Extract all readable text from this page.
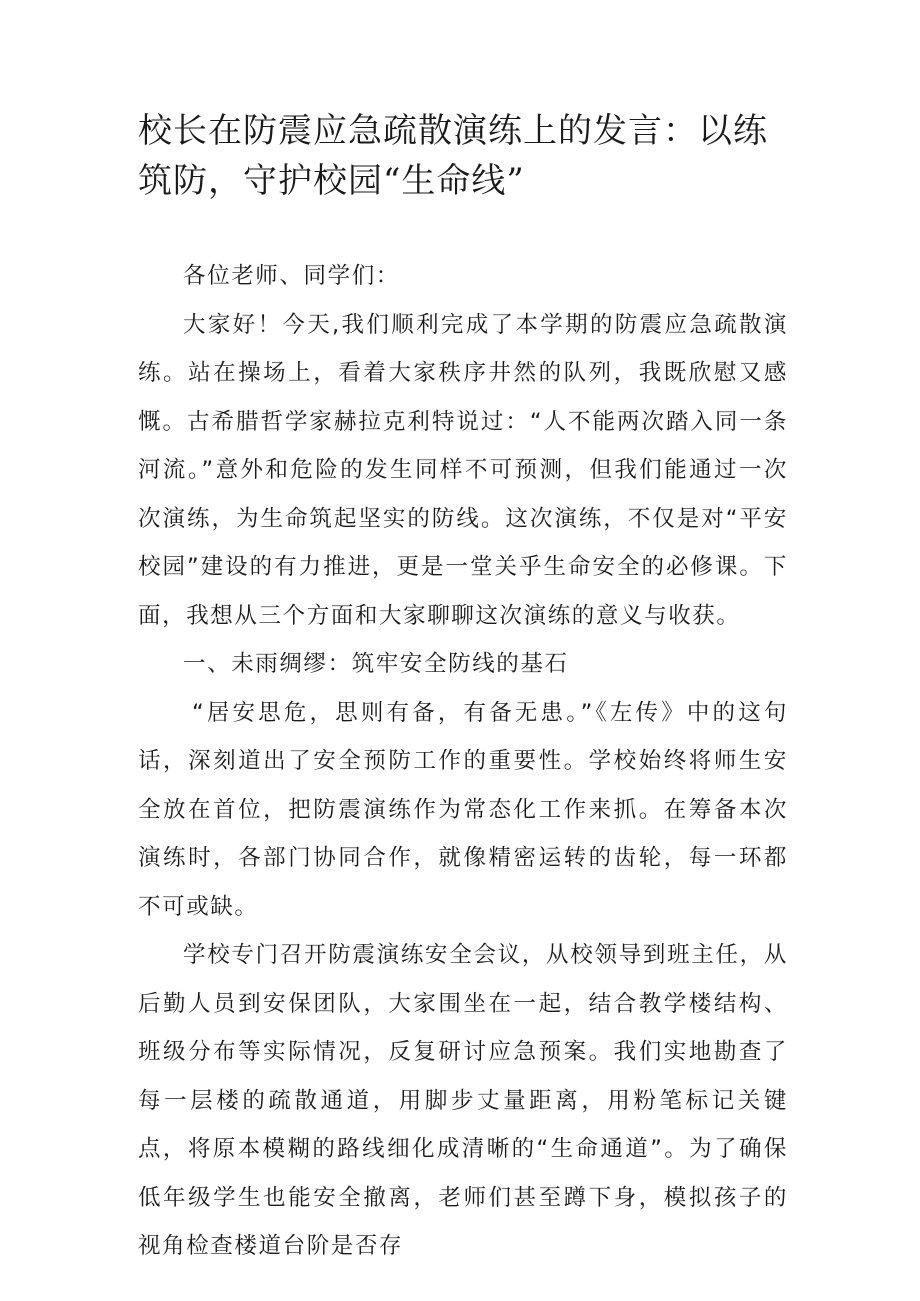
校长在防震应急疏散演练上的发言：以练筑防，守护校园“生命线”

各位老师、同学们：

大家好！今天,我们顺利完成了本学期的防震应急疏散演练。站在操场上，看着大家秩序井然的队列，我既欣慰又感慨。古希腊哲学家赫拉克利特说过：“人不能两次踏入同一条河流。”意外和危险的发生同样不可预测，但我们能通过一次次演练，为生命筑起坚实的防线。这次演练，不仅是对“平安校园”建设的有力推进，更是一堂关乎生命安全的必修课。下面，我想从三个方面和大家聊聊这次演练的意义与收获。

一、未雨绸缪：筑牢安全防线的基石

“居安思危，思则有备，有备无患。”《左传》中的这句话，深刻道出了安全预防工作的重要性。学校始终将师生安全放在首位，把防震演练作为常态化工作来抓。在筹备本次演练时，各部门协同合作，就像精密运转的齿轮，每一环都不可或缺。

学校专门召开防震演练安全会议，从校领导到班主任，从后勤人员到安保团队，大家围坐在一起，结合教学楼结构、班级分布等实际情况，反复研讨应急预案。我们实地勘查了每一层楼的疏散通道，用脚步丈量距离，用粉笔标记关键点，将原本模糊的路线细化成清晰的“生命通道”。为了确保低年级学生也能安全撤离，老师们甚至蹲下身，模拟孩子的视角检查楼道台阶是否存
